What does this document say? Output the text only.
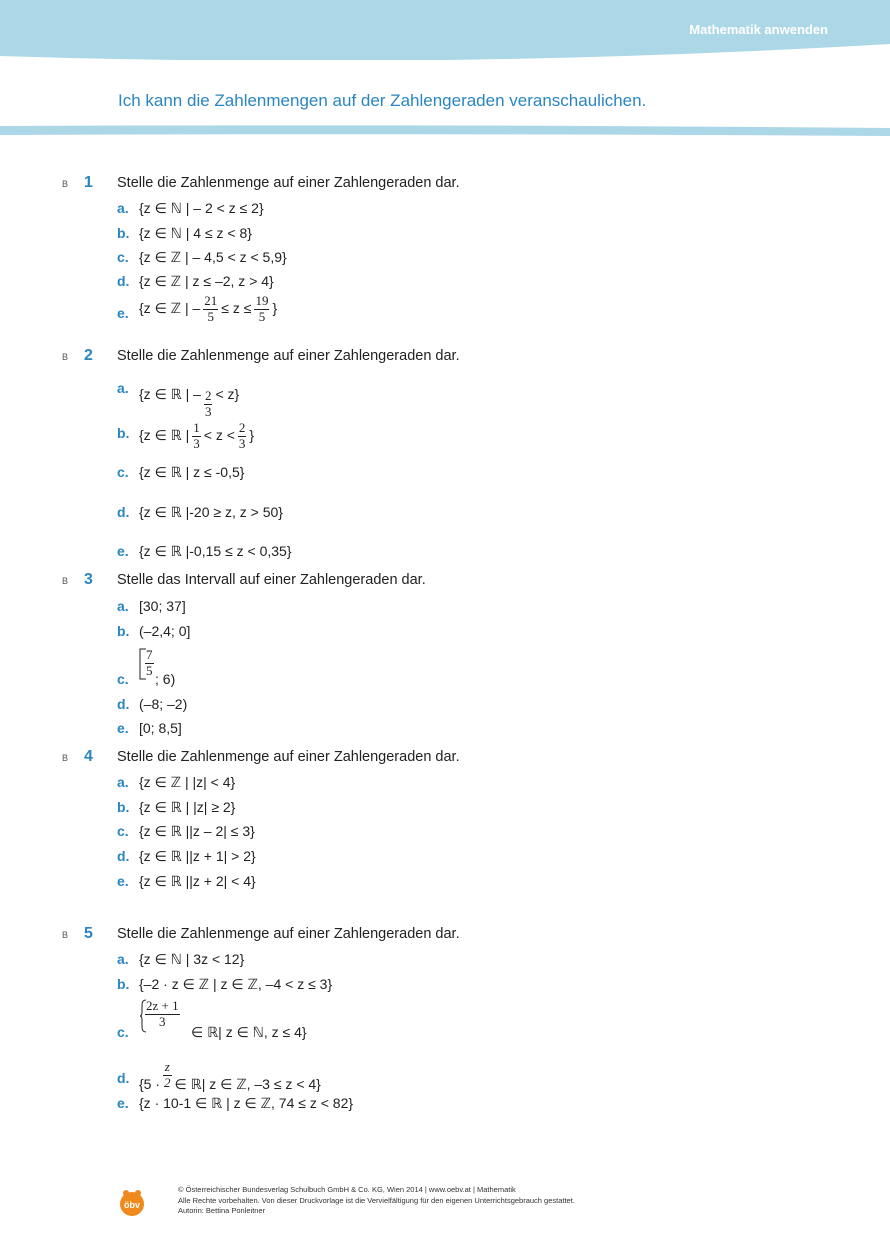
Mathematik anwenden
Ich kann die Zahlenmengen auf der Zahlengeraden veranschaulichen.
B 1 Stelle die Zahlenmenge auf einer Zahlengeraden dar.
a. {z ∈ ℕ | – 2 < z ≤ 2}
b. {z ∈ ℕ | 4 ≤ z < 8}
c. {z ∈ ℤ | – 4,5 < z < 5,9}
d. {z ∈ ℤ | z ≤ –2, z > 4}
e. {z ∈ ℤ | – $\frac{21}{5} \le z \le \frac{19}{5}$ }
B 2 Stelle die Zahlenmenge auf einer Zahlengeraden dar.
a. {z ∈ ℝ | – $\frac{2}{3} < z$}
b. {z ∈ ℝ | $\frac{1}{3} < z < \frac{2}{3}$ }
c. {z ∈ ℝ | z ≤ -0,5}
d. {z ∈ ℝ |-20 ≥ z, z > 50}
e. {z ∈ ℝ |-0,15 ≤ z < 0,35}
B 3 Stelle das Intervall auf einer Zahlengeraden dar.
a. [30; 37]
b. (–2,4; 0]
c.
$\frac{7}{5}$
; 6)
d. (–8; –2)
e. [0; 8,5]
B 4 Stelle die Zahlenmenge auf einer Zahlengeraden dar.
a. {z ∈ ℤ | |z| < 4}
b. {z ∈ ℝ | |z| ≥ 2}
c. {z ∈ ℝ ||z – 2| ≤ 3}
d. {z ∈ ℝ ||z + 1| > 2}
e. {z ∈ ℝ ||z + 2| < 4}
B 5 Stelle die Zahlenmenge auf einer Zahlengeraden dar.
a. {z ∈ ℕ | 3z < 12}
b. {–2 · z ∈ ℤ | z ∈ ℤ, –4 < z ≤ 3}
c.
$\frac{2z + 1}{3}$
∈ ℝ| z ∈ ℕ, z ≤ 4}
d. {$5 \cdot \frac{z}{2}$ ∈ ℝ| z ∈ ℤ, –3 ≤ z < 4}
e. {z · 10-1 ∈ ℝ | z ∈ ℤ, 74 ≤ z < 82}
öbv
© Österreichischer Bundesverlag Schulbuch GmbH & Co. KG, Wien 2014 | www.oebv.at | Mathematik
Alle Rechte vorbehalten. Von dieser Druckvorlage ist die Vervielfältigung für den eigenen Unterrichtsgebrauch gestattet.
Autorin: Bettina Ponleitner
